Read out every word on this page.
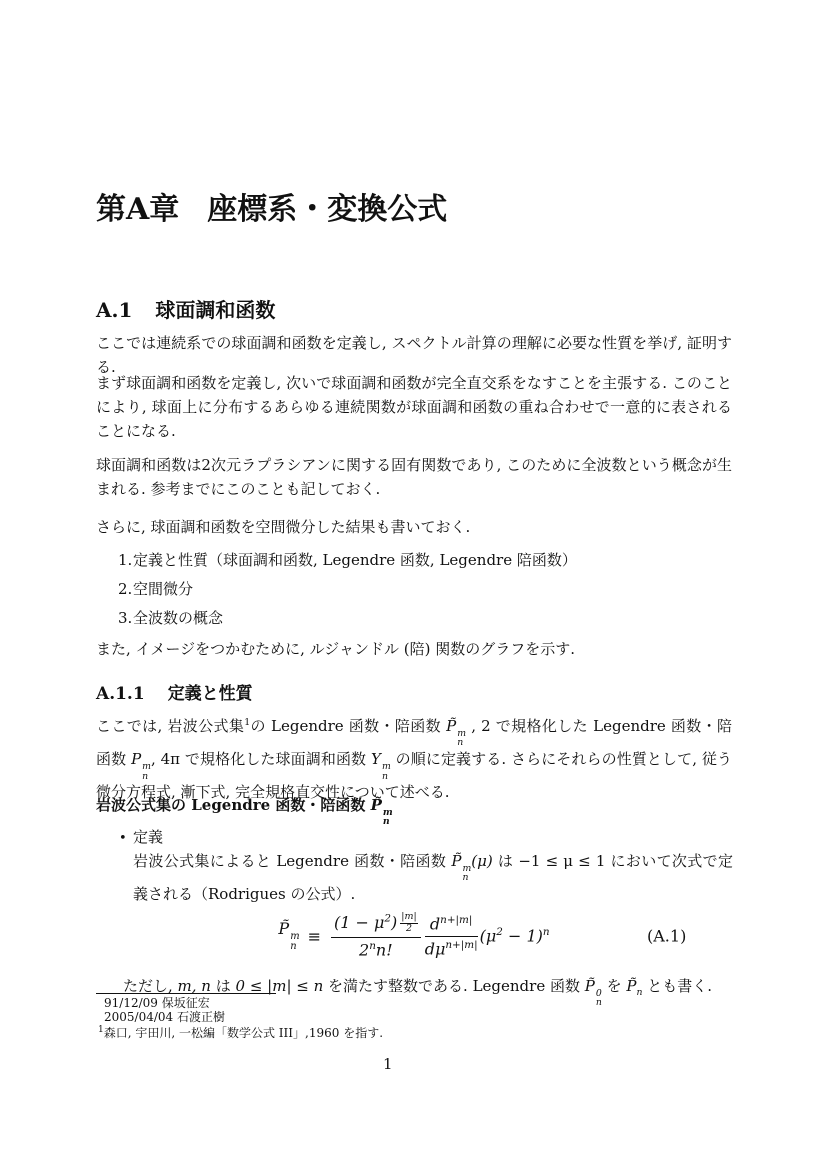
第A章 座標系・変換公式
A.1 球面調和函数

ここでは連続系での球面調和函数を定義し, スペクトル計算の理解に必要な性質を挙げ, 証明する.

まず球面調和函数を定義し, 次いで球面調和函数が完全直交系をなすことを主張する. このことにより, 球面上に分布するあらゆる連続関数が球面調和函数の重ね合わせで一意的に表されることになる.

球面調和函数は2次元ラプラシアンに関する固有関数であり, このために全波数という概念が生まれる. 参考までにこのことも記しておく.

さらに, 球面調和函数を空間微分した結果も書いておく.

1.定義と性質（球面調和函数, Legendre 函数, Legendre 陪函数）
2.空間微分
3.全波数の概念

また, イメージをつかむために, ルジャンドル (陪) 関数のグラフを示す.

A.1.1 定義と性質

ここでは, 岩波公式集$^1$の Legendre 函数・陪函数 P̃ m
n
, 2 で規格化した Legendre 函数・陪函数 P m
n
, 4π で規格化した球面調和函数 Y m
n
の順に定義する. さらにそれらの性質として, 従う微分方程式, 漸下式, 完全規格直交性について述べる.

岩波公式集の Legendre 函数・陪函数 P̃ m
n

• 定義

岩波公式集によると Legendre 函数・陪函数 P̃ m
n
(μ) は −1 ≤ μ ≤ 1 において次式で定義される（Rodrigues の公式）.

P̃ m
n
≡ $\frac{(1 - \mu^2) \frac{|m|}{2}}{2^nn!} \frac{d^{n+|m|}}{d\mu^{n+|m|}} (\mu^2 - 1)^n$	(A.1)

ただし, m, n は 0 ≤ |m| ≤ n を満たす整数である. Legendre 函数 P̃ 0
n
を $P̃_n$ とも書く.

91/12/09 保坂征宏
2005/04/04 石渡正樹
$^1$森口, 宇田川, 一松編「数学公式 III」,1960 を指す.
1
